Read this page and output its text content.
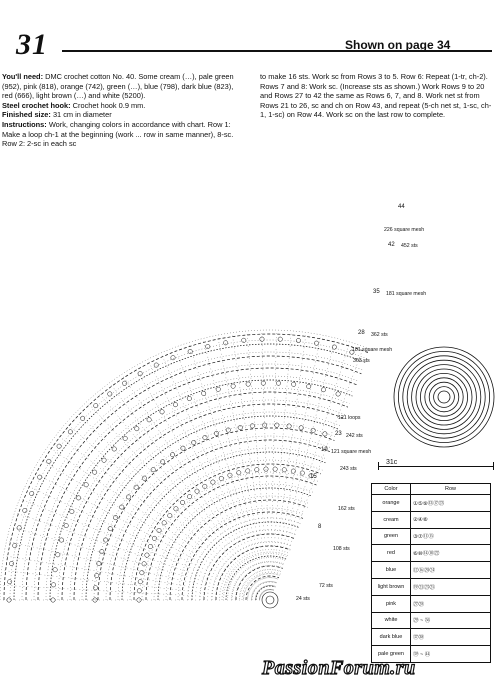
31	Shown on page 34

You'll need: DMC crochet cotton No. 40. Some cream (…), pale green (952), pink (818), orange (742), green (…), blue (798), dark blue (823), red (666), light brown (…) and white (5200).

Steel crochet hook: Crochet hook 0.9 mm.

Finished size: 31 cm in diameter

Instructions: Work, changing colors in accordance with chart. Row 1: Make a loop ch-1 at the beginning (work ... row in same manner), 8-sc. Row 2: 2-sc in each sc

to make 16 sts. Work sc from Rows 3 to 5. Row 6: Repeat (1-tr, ch-2). Rows 7 and 8: Work sc. (Increase sts as shown.) Work Rows 9 to 20 and Rows 27 to 42 the same as Rows 6, 7, and 8. Work net st from Rows 21 to 26, sc and ch on Row 43, and repeat (5-ch net st, 1-sc, ch-1, 1-sc) on Row 44. Work sc on the last row to complete.

44
226 square mesh
42 452 sts
35 181 square mesh
28 362 sts
181 square mesh
363 sts
121 loops
23 242 sts
19 121 square mesh
243 sts
15
162 sts
8
108 sts
72 sts
24 sts
31c
Color	Row
orange	①⑤⑨⑬⑰㉓
cream	②④⑧
green	③⑦⑪⑮
red	⑥⑩⑭⑱㉒
blue	⑫⑯⑳㉔
light brown	⑲㉑㉓㉕
pink	㉗㉘
white	㉙ ~ ㊱
dark blue	㊲㊳
pale green	㊴ ~ ㊹
PassionForum.ru
